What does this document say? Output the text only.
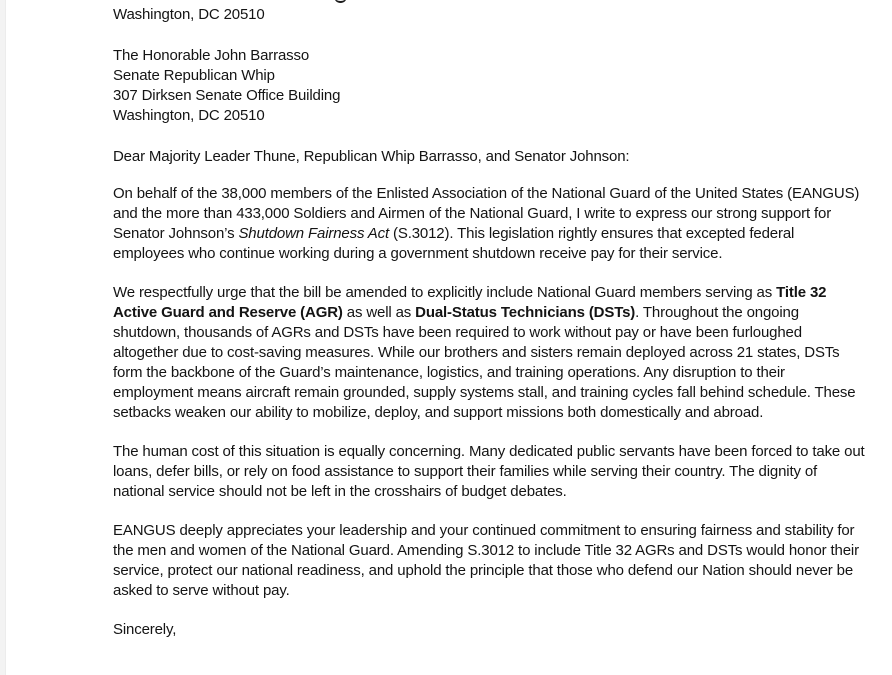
Washington, DC 20510
The Honorable John Barrasso
Senate Republican Whip
307 Dirksen Senate Office Building
Washington, DC 20510
Dear Majority Leader Thune, Republican Whip Barrasso, and Senator Johnson:

On behalf of the 38,000 members of the Enlisted Association of the National Guard of the United States (EANGUS) and the more than 433,000 Soldiers and Airmen of the National Guard, I write to express our strong support for Senator Johnson’s Shutdown Fairness Act (S.3012). This legislation rightly ensures that excepted federal employees who continue working during a government shutdown receive pay for their service.

We respectfully urge that the bill be amended to explicitly include National Guard members serving as Title 32 Active Guard and Reserve (AGR) as well as Dual-Status Technicians (DSTs). Throughout the ongoing shutdown, thousands of AGRs and DSTs have been required to work without pay or have been furloughed altogether due to cost-saving measures. While our brothers and sisters remain deployed across 21 states, DSTs form the backbone of the Guard’s maintenance, logistics, and training operations. Any disruption to their employment means aircraft remain grounded, supply systems stall, and training cycles fall behind schedule. These setbacks weaken our ability to mobilize, deploy, and support missions both domestically and abroad.

The human cost of this situation is equally concerning. Many dedicated public servants have been forced to take out loans, defer bills, or rely on food assistance to support their families while serving their country. The dignity of national service should not be left in the crosshairs of budget debates.

EANGUS deeply appreciates your leadership and your continued commitment to ensuring fairness and stability for the men and women of the National Guard. Amending S.3012 to include Title 32 AGRs and DSTs would honor their service, protect our national readiness, and uphold the principle that those who defend our Nation should never be asked to serve without pay.

Sincerely,
